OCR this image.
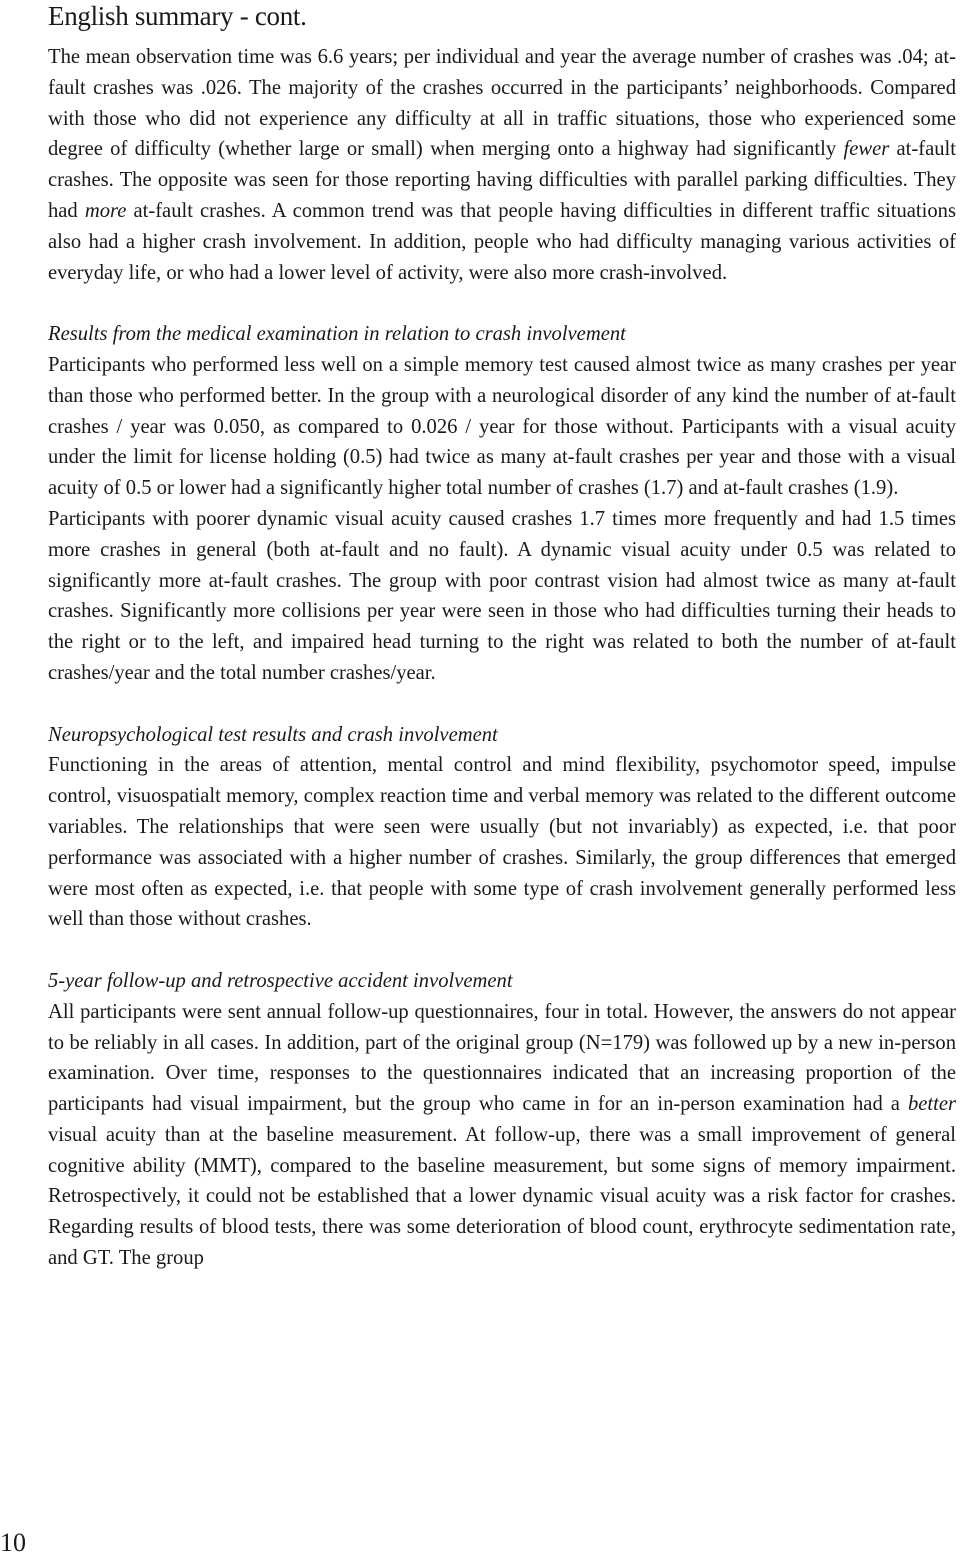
English summary - cont.

The mean observation time was 6.6 years; per individual and year the average number of crashes was .04; at-fault crashes was .026. The majority of the crashes occurred in the participants’ neighborhoods. Compared with those who did not experience any difficulty at all in traffic situations, those who experienced some degree of difficulty (whether large or small) when merging onto a highway had significantly fewer at-fault crashes. The opposite was seen for those reporting having difficulties with parallel parking difficulties. They had more at-fault crashes. A common trend was that people having difficulties in different traffic situations also had a higher crash involvement. In addition, people who had difficulty managing various activities of everyday life, or who had a lower level of activity, were also more crash-involved.

Results from the medical examination in relation to crash involvement

Participants who performed less well on a simple memory test caused almost twice as many crashes per year than those who performed better. In the group with a neurological disorder of any kind the number of at-fault crashes / year was 0.050, as compared to 0.026 / year for those without. Participants with a visual acuity under the limit for license holding (0.5) had twice as many at-fault crashes per year and those with a visual acuity of 0.5 or lower had a significantly higher total number of crashes (1.7) and at-fault crashes (1.9).

Participants with poorer dynamic visual acuity caused crashes 1.7 times more frequently and had 1.5 times more crashes in general (both at-fault and no fault). A dynamic visual acuity under 0.5 was related to significantly more at-fault crashes. The group with poor contrast vision had almost twice as many at-fault crashes. Significantly more collisions per year were seen in those who had difficulties turning their heads to the right or to the left, and impaired head turning to the right was related to both the number of at-fault crashes/year and the total number crashes/year.

Neuropsychological test results and crash involvement

Functioning in the areas of attention, mental control and mind flexibility, psychomotor speed, impulse control, visuospatialt memory, complex reaction time and verbal memory was related to the different outcome variables. The relationships that were seen were usually (but not invariably) as expected, i.e. that poor performance was associated with a higher number of crashes. Similarly, the group differences that emerged were most often as expected, i.e. that people with some type of crash involvement generally performed less well than those without crashes.

5-year follow-up and retrospective accident involvement

All participants were sent annual follow-up questionnaires, four in total. However, the answers do not appear to be reliably in all cases. In addition, part of the original group (N=179) was followed up by a new in-person examination. Over time, responses to the questionnaires indicated that an increasing proportion of the participants had visual impairment, but the group who came in for an in-person examination had a better visual acuity than at the baseline measurement. At follow-up, there was a small improvement of general cognitive ability (MMT), compared to the baseline measurement, but some signs of memory impairment. Retrospectively, it could not be established that a lower dynamic visual acuity was a risk factor for crashes. Regarding results of blood tests, there was some deterioration of blood count, erythrocyte sedimentation rate, and GT. The group

10
